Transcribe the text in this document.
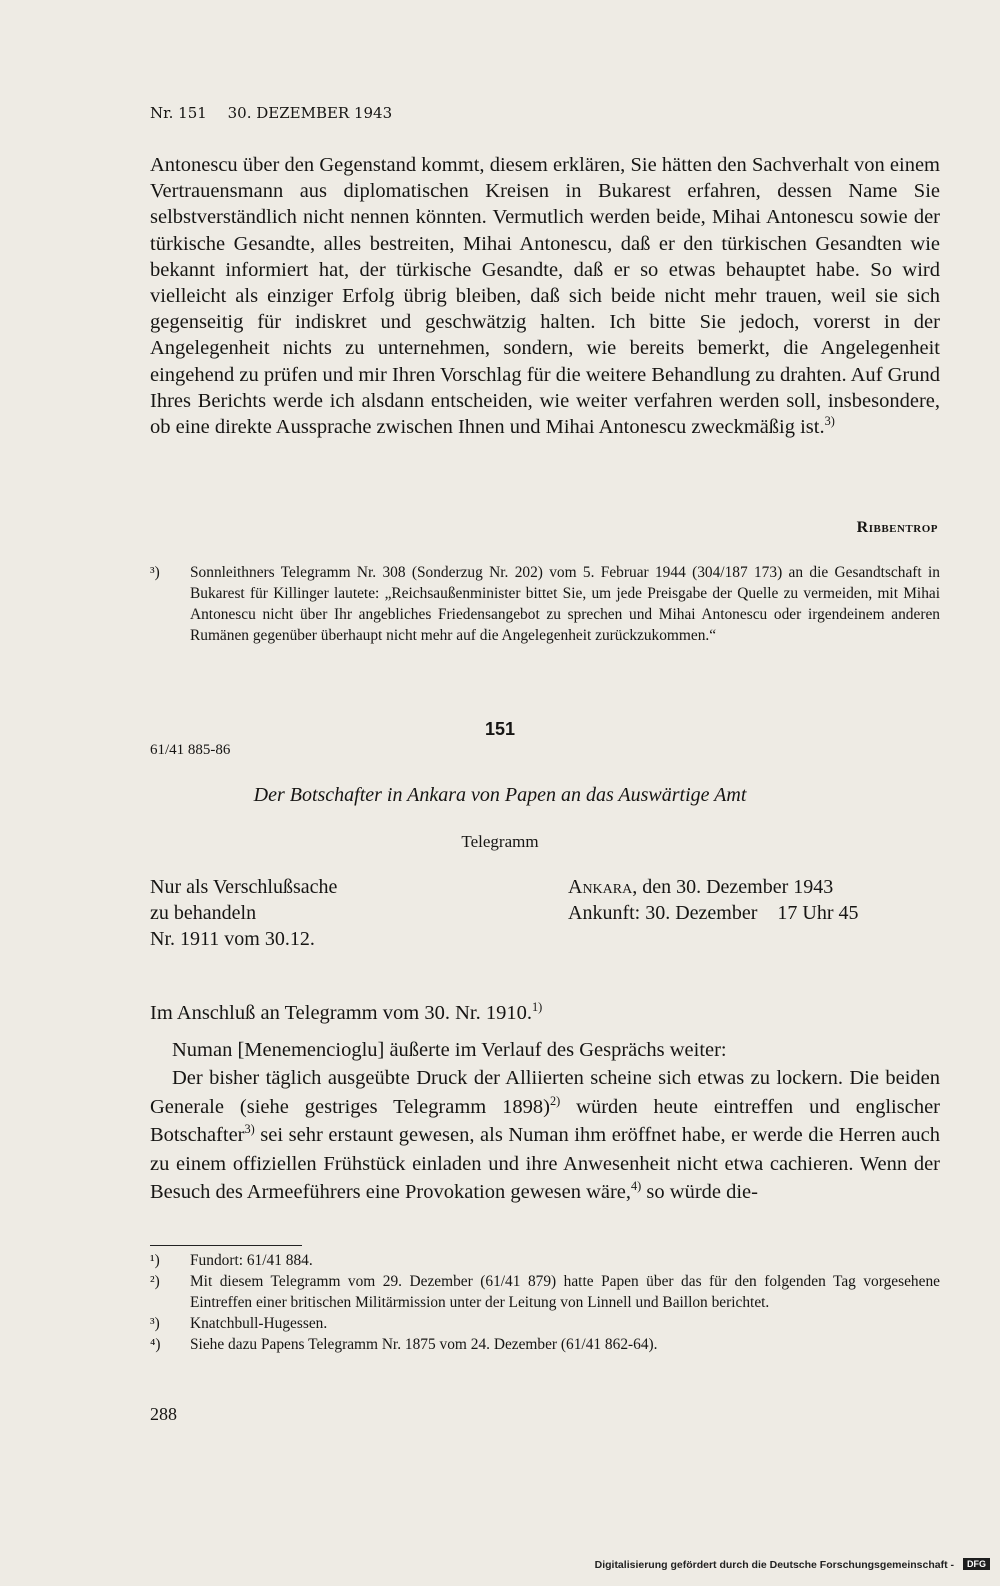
Nr. 151 30. DEZEMBER 1943

Antonescu über den Gegenstand kommt, diesem erklären, Sie hätten den Sachverhalt von einem Vertrauensmann aus diplomatischen Kreisen in Bukarest erfahren, dessen Name Sie selbstverständlich nicht nennen könnten. Vermutlich werden beide, Mihai Antonescu sowie der türkische Gesandte, alles bestreiten, Mihai Antonescu, daß er den türkischen Gesandten wie bekannt informiert hat, der türkische Gesandte, daß er so etwas behauptet habe. So wird vielleicht als einziger Erfolg übrig bleiben, daß sich beide nicht mehr trauen, weil sie sich gegenseitig für indiskret und geschwätzig halten. Ich bitte Sie jedoch, vorerst in der Angelegenheit nichts zu unternehmen, sondern, wie bereits bemerkt, die Angelegenheit eingehend zu prüfen und mir Ihren Vorschlag für die weitere Behandlung zu drahten. Auf Grund Ihres Berichts werde ich alsdann entscheiden, wie weiter verfahren werden soll, insbesondere, ob eine direkte Aussprache zwischen Ihnen und Mihai Antonescu zweckmäßig ist.$^{3)}$

Ribbentrop
³)	Sonnleithners Telegramm Nr. 308 (Sonderzug Nr. 202) vom 5. Februar 1944 (304/187 173) an die Gesandtschaft in Bukarest für Killinger lautete: „Reichsaußenminister bittet Sie, um jede Preisgabe der Quelle zu vermeiden, mit Mihai Antonescu nicht über Ihr angebliches Friedensangebot zu sprechen und Mihai Antonescu oder irgendeinem anderen Rumänen gegenüber überhaupt nicht mehr auf die Angelegenheit zurückzukommen.“
151
61/41 885-86
Der Botschafter in Ankara von Papen an das Auswärtige Amt
Telegramm
Nur als Verschlußsache
zu behandeln
Nr. 1911 vom 30.12.
Ankara, den 30. Dezember 1943
Ankunft: 30. Dezember    17 Uhr 45

Im Anschluß an Telegramm vom 30. Nr. 1910.$^{1)}$

Numan [Menemencioglu] äußerte im Verlauf des Gesprächs weiter:

Der bisher täglich ausgeübte Druck der Alliierten scheine sich etwas zu lockern. Die beiden Generale (siehe gestriges Telegramm 1898)$^{2)}$ würden heute eintreffen und englischer Botschafter$^{3)}$ sei sehr erstaunt gewesen, als Numan ihm eröffnet habe, er werde die Herren auch zu einem offiziellen Frühstück einladen und ihre Anwesenheit nicht etwa cachieren. Wenn der Besuch des Armeeführers eine Provokation gewesen wäre,$^{4)}$ so würde die-

¹)	Fundort: 61/41 884.
²)	Mit diesem Telegramm vom 29. Dezember (61/41 879) hatte Papen über das für den folgenden Tag vorgesehene Eintreffen einer britischen Militärmission unter der Leitung von Linnell und Baillon berichtet.
³)	Knatchbull-Hugessen.
⁴)	Siehe dazu Papens Telegramm Nr. 1875 vom 24. Dezember (61/41 862-64).
288
Digitalisierung gefördert durch die Deutsche Forschungsgemeinschaft -	DFG
